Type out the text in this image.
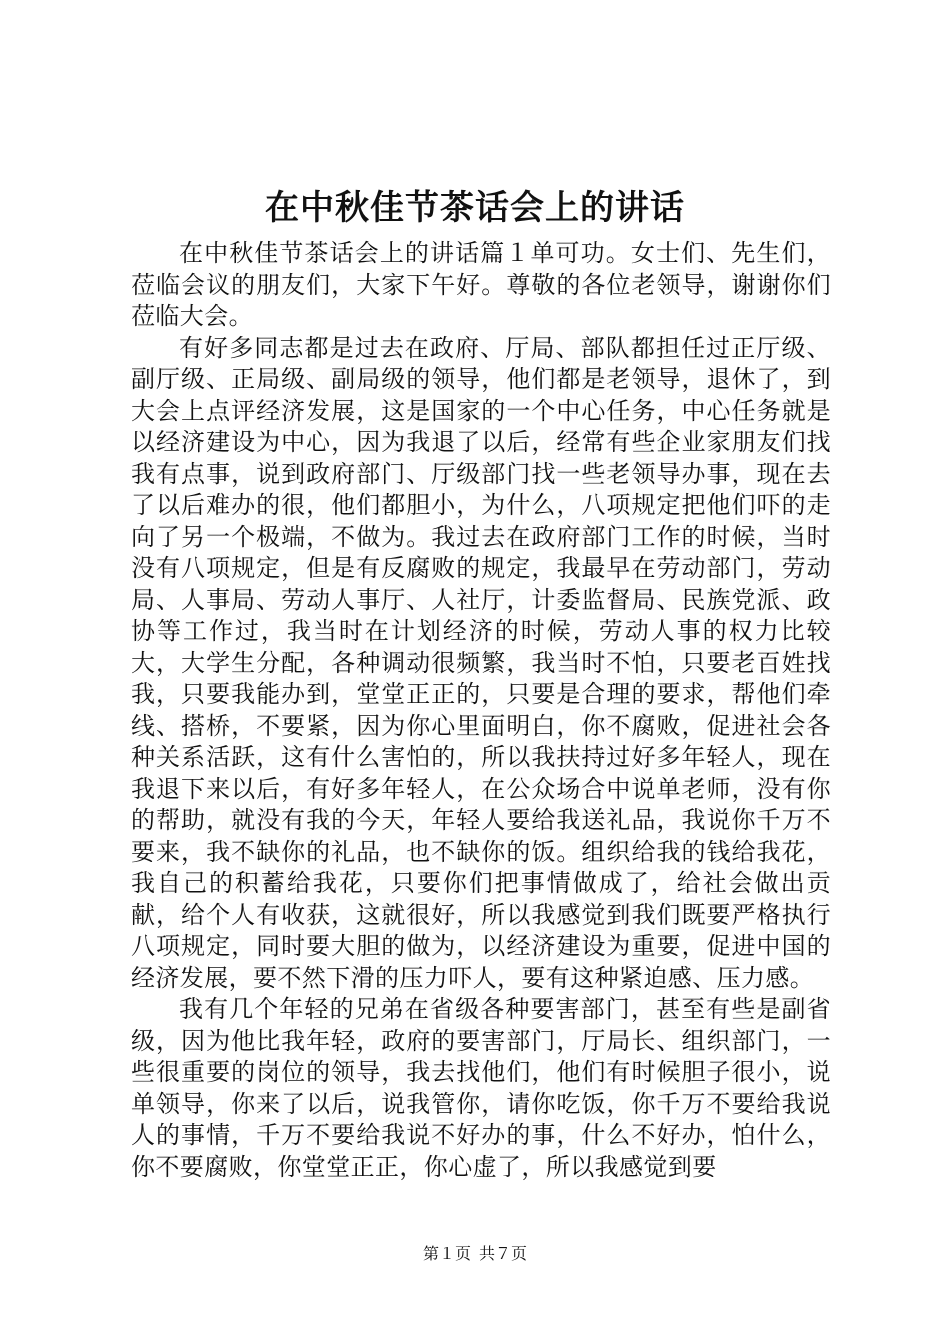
在中秋佳节茶话会上的讲话

在中秋佳节茶话会上的讲话篇１单可功。女士们、先生们，莅临会议的朋友们，大家下午好。尊敬的各位老领导，谢谢你们莅临大会。

有好多同志都是过去在政府、厅局、部队都担任过正厅级、副厅级、正局级、副局级的领导，他们都是老领导，退休了，到大会上点评经济发展，这是国家的一个中心任务，中心任务就是以经济建设为中心，因为我退了以后，经常有些企业家朋友们找我有点事，说到政府部门、厅级部门找一些老领导办事，现在去了以后难办的很，他们都胆小，为什么，八项规定把他们吓的走向了另一个极端，不做为。我过去在政府部门工作的时候，当时没有八项规定，但是有反腐败的规定，我最早在劳动部门，劳动局、人事局、劳动人事厅、人社厅，计委监督局、民族党派、政协等工作过，我当时在计划经济的时候，劳动人事的权力比较大，大学生分配，各种调动很频繁，我当时不怕，只要老百姓找我，只要我能办到，堂堂正正的，只要是合理的要求，帮他们牵线、搭桥，不要紧，因为你心里面明白，你不腐败，促进社会各种关系活跃，这有什么害怕的，所以我扶持过好多年轻人，现在我退下来以后，有好多年轻人，在公众场合中说单老师，没有你的帮助，就没有我的今天，年轻人要给我送礼品，我说你千万不要来，我不缺你的礼品，也不缺你的饭。组织给我的钱给我花，我自己的积蓄给我花，只要你们把事情做成了，给社会做出贡献，给个人有收获，这就很好，所以我感觉到我们既要严格执行八项规定，同时要大胆的做为，以经济建设为重要，促进中国的经济发展，要不然下滑的压力吓人，要有这种紧迫感、压力感。

我有几个年轻的兄弟在省级各种要害部门，甚至有些是副省级，因为他比我年轻，政府的要害部门，厅局长、组织部门，一些很重要的岗位的领导，我去找他们，他们有时候胆子很小，说单领导，你来了以后，说我管你，请你吃饭，你千万不要给我说人的事情，千万不要给我说不好办的事，什么不好办，怕什么，你不要腐败，你堂堂正正，你心虚了，所以我感觉到要

第１页 共７页
